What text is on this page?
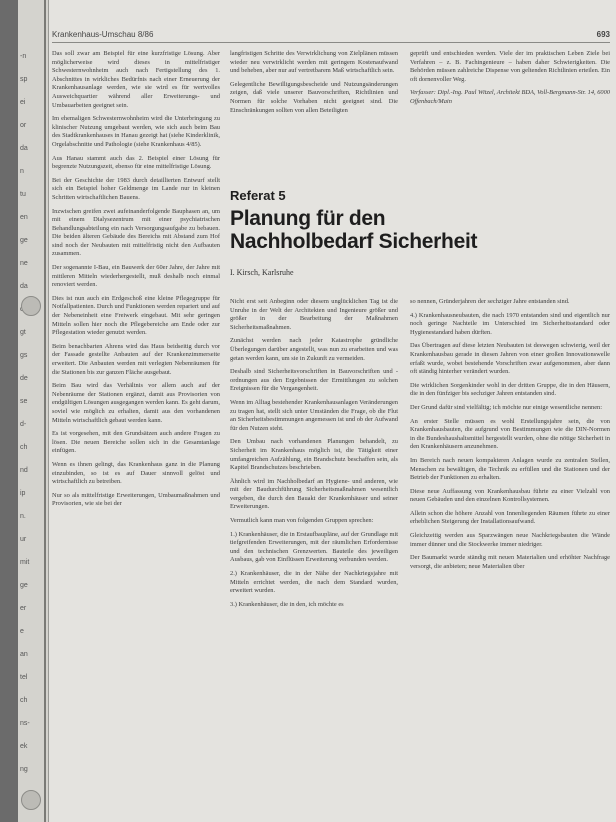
-n
sp
ei
or
da
n
tu
en
ge
ne
da
gt
gs
de
se
d-
ch
nd
ip
n.
ur
mit
ge
er
e
an
tel
ch
ns-
ek
ng
Krankenhaus-Umschau 8/86	693

Das soll zwar am Beispiel für eine kurzfristige Lösung. Aber möglicherweise wird dieses in mittelfristiger Schwesternwohnheim auch nach Fertigstellung des 1. Abschnittes in wirkliches Bedürfnis nach einer Erneuerung der Krankenhausanlage werden, wie sie wird es für wertvolles Ausweichquartier während aller Erweiterungs- und Umbauarbeiten geeignet sein.

Im ehemaligen Schwesternwohnheim wird die Unterbringung zu klinischer Nutzung umgebaut werden, wie sich auch beim Bau des Stadtkrankenhauses in Hanau gezeigt hat (siehe Kinderklinik, Orgelabschnitte und Pathologie (siehe Krankenhaus 4/85).

Aus Hanau stammt auch das 2. Beispiel einer Lösung für begrenzte Nutzungszeit, ebenso für eine mittelfristige Lösung.

Bei der Geschichte der 1983 durch detaillierten Entwurf stellt sich ein Beispiel hoher Geldmenge im Lande nur in kleinen Schritten wirtschaftlichen Bauens.

Inzwischen greifen zwei aufeinanderfolgende Bauphasen an, um mit einem Dialysezentrum mit einer psychiatrischen Behandlungsabteilung ein nach Versorgungsaufgabe zu bebauen. Die beiden älteren Gebäude des Bereichs mit Abstand zum Hof sind noch der Neubauten mit mittelfristig nicht den Aufbauten zusammen.

Der sogenannte I-Bau, ein Bauwerk der 60er Jahre, der Jahre mit mittleren Mitteln wiederhergestellt, muß deshalb noch einmal renoviert werden.

Dies ist nun auch ein Erdgeschoß eine kleine Pflegegruppe für Notfallpatienten. Durch und Funktionen werden repariert und auf der Nebeneinheit eine Freiwerk eingebaut. Mit sehr geringen Mitteln sollen hier noch die Pflegebereiche am Ende oder zur Pflegestation wieder genutzt werden.

Beim benachbarten Ahrens wird das Haus beidseitig durch vor der Fassade gestellte Anbauten auf der Krankenzimmerseite erweitert. Die Anbauten werden mit verlegten Nebenräumen für die Stationen bis zur ganzen Fläche ausgebaut.

Beim Bau wird das Verhältnis vor allem auch auf der Nebenräume der Stationen ergänzt, damit aus Provisorien von endgültigen Lösungen ausgegangen werden kann. Es geht darum, soviel wie möglich zu erhalten, damit aus den vorhandenen Mitteln wirtschaftlich gebaut werden kann.

Es ist vorgesehen, mit den Grundsätzen auch andere Fragen zu lösen. Die neuen Bereiche sollen sich in die Gesamtanlage einfügen.

Wenn es ihnen gelingt, das Krankenhaus ganz in die Planung einzubinden, so ist es auf Dauer sinnvoll gelöst und wirtschaftlich zu betreiben.

Nur so als mittelfristige Erweiterungen, Umbaumaßnahmen und Provisorien, wie sie bei der

langfristigen Schritte des Verwirklichung von Zielplänen müssen wieder neu verwirklicht werden mit geringem Kostenaufwand und beheben, aber nur auf vertretbarem Maß wirtschaftlich sein.

Gelegentliche Bewilligungsbescheide und Nutzungsänderungen zeigen, daß viele unserer Bauvorschriften, Richtlinien und Normen für solche Vorhaben nicht geeignet sind. Die Einschränkungen sollten von allen Beteiligten

geprüft und entschieden werden. Viele der im praktischen Leben Ziele bei Verfahren – z. B. Fachingenieure – haben daher Schwierigkeiten. Die Behörden müssen zahlreiche Dispense von geltenden Richtlinien erteilen. Ein oft dornenvoller Weg.

Verfasser: Dipl.-Ing. Paul Witzel, Architekt BDA, Voll-Bergmann-Str. 14, 6000 Offenbach/Main

Referat 5
Planung für den Nachholbedarf Sicherheit
I. Kirsch, Karlsruhe

Nicht erst seit Anbeginn oder diesem unglücklichen Tag ist die Unruhe in der Welt der Architekten und Ingenieure größer und größer in der Bearbeitung der Maßnahmen Sicherheitsmaßnahmen.

Zunächst werden nach jeder Katastrophe gründliche Überlegungen darüber angestellt, was nun zu erarbeiten und was getan werden kann, um sie in Zukunft zu vermeiden.

Deshalb sind Sicherheitsvorschriften in Bauvorschriften und -ordnungen aus den Ergebnissen der Ermittlungen zu solchen Ereignissen für die Vergangenheit.

Wenn im Alltag bestehender Krankenhausanlagen Veränderungen zu tragen hat, stellt sich unter Umständen die Frage, ob die Flut an Sicherheitsbestimmungen angemessen ist und ob der Aufwand für den Nutzen steht.

Den Umbau nach vorhandenen Planungen behandelt, zu Sicherheit im Krankenhaus möglich ist, die Tätigkeit einer umfangreichen Aufzählung, ein Brandschutz beschaffen sein, als Kapitel Brandschutzes beschrieben.

Ähnlich wird im Nachholbedarf an Hygiene- und anderen, wie mit der Baudurchführung Sicherheitsmaßnahmen wesentlich vergeben, die durch den Bauakt der Krankenhäuser und seiner Erweiterungen.

Vermutlich kann man von folgenden Gruppen sprechen:

1.) Krankenhäuser, die in Erstaufbaupläne, auf der Grundlage mit tiefgreifenden Erweiterungen, mit der räumlichen Erfordernisse und den technischen Grenzwerten. Bauteile des jeweiligen Ausbaus, gab von Einflüssen Erweiterung verbunden werden.

2.) Krankenhäuser, die in der Nähe der Nachkriegsjahre mit Mitteln errichtet werden, die nach dem Standard wurden, erweitert wurden.

3.) Krankenhäuser, die in den, ich möchte es

so nennen, Gründerjahren der sechziger Jahre entstanden sind.

4.) Krankenhausneubauten, die nach 1970 entstanden sind und eigentlich nur noch geringe Nachteile im Unterschied im Sicherheitsstandard oder Hygienestandard haben dürften.

Das Übertragen auf diese letzten Neubauten ist deswegen schwierig, weil der Krankenhausbau gerade in diesen Jahren von einer großen Innovationswelle erfaßt wurde, wobei bestehende Vorschriften zwar aufgenommen, aber dann oft ständig hinterher verändert wurden.

Die wirklichen Sorgenkinder wohl in der dritten Gruppe, die in den Häusern, die in den fünfziger bis sechziger Jahren entstanden sind.

Der Grund dafür sind vielfältig; ich möchte nur einige wesentliche nennen:

An erster Stelle müssen es wohl Erstellungsjahre sein, die von Krankenhausbauten, die aufgrund von Bestimmungen wie die DIN-Normen in die Bundeshaushaltsmittel hergestellt wurden, ohne die nötige Sicherheit in den Krankenhäusern anzunehmen.

Im Bereich nach neuen kompakteren Anlagen wurde zu zentralen Stellen, Menschen zu bewältigen, die Technik zu erfüllen und die Stationen und der Betrieb der Funktionen zu erhalten.

Diese neue Auffassung von Krankenhausbau führte zu einer Vielzahl von neuen Gebäuden und den einzelnen Kontrollsystemen.

Allein schon die höhere Anzahl von Innenliegenden Räumen führte zu einer erheblichen Steigerung der Installationsaufwand.

Gleichzeitig werden aus Sparzwängen neue Nachkriegsbauten die Wände immer dünner und die Stockwerke immer niedriger.

Der Baumarkt wurde ständig mit neuen Materialien und erhöhter Nachfrage versorgt, die anbieten; neue Materialien über
